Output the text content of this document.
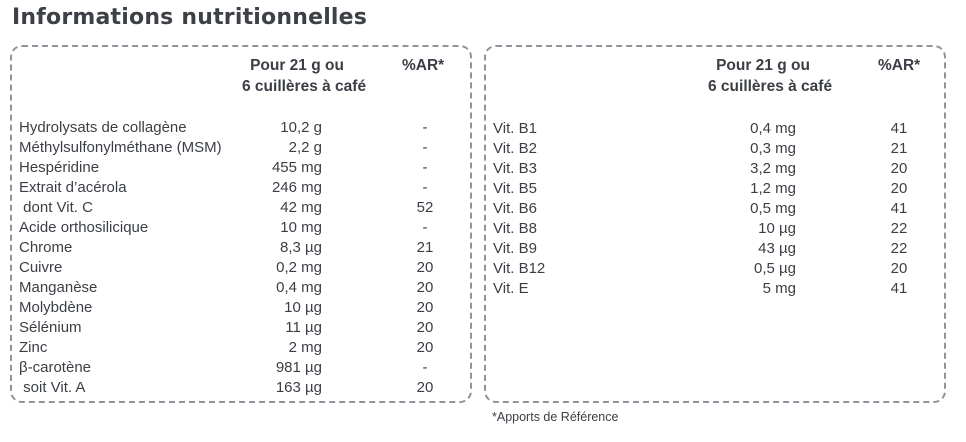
Informations nutritionnelles
Pour 21 g ou
6 cuillères à café
%AR*
Hydrolysats de collagène	10,2 g	-
Méthylsulfonylméthane (MSM)	2,2 g	-
Hespéridine	455 mg	-
Extrait d’acérola	246 mg	-
dont Vit. C	42 mg	52
Acide orthosilicique	10 mg	-
Chrome	8,3 µg	21
Cuivre	0,2 mg	20
Manganèse	0,4 mg	20
Molybdène	10 µg	20
Sélénium	11 µg	20
Zinc	2 mg	20
β-carotène	981 µg	-
soit Vit. A	163 µg	20
Pour 21 g ou
6 cuillères à café
%AR*
Vit. B1	0,4 mg	41
Vit. B2	0,3 mg	21
Vit. B3	3,2 mg	20
Vit. B5	1,2 mg	20
Vit. B6	0,5 mg	41
Vit. B8	10 µg	22
Vit. B9	43 µg	22
Vit. B12	0,5 µg	20
Vit. E	5 mg	41

*Apports de Référence
